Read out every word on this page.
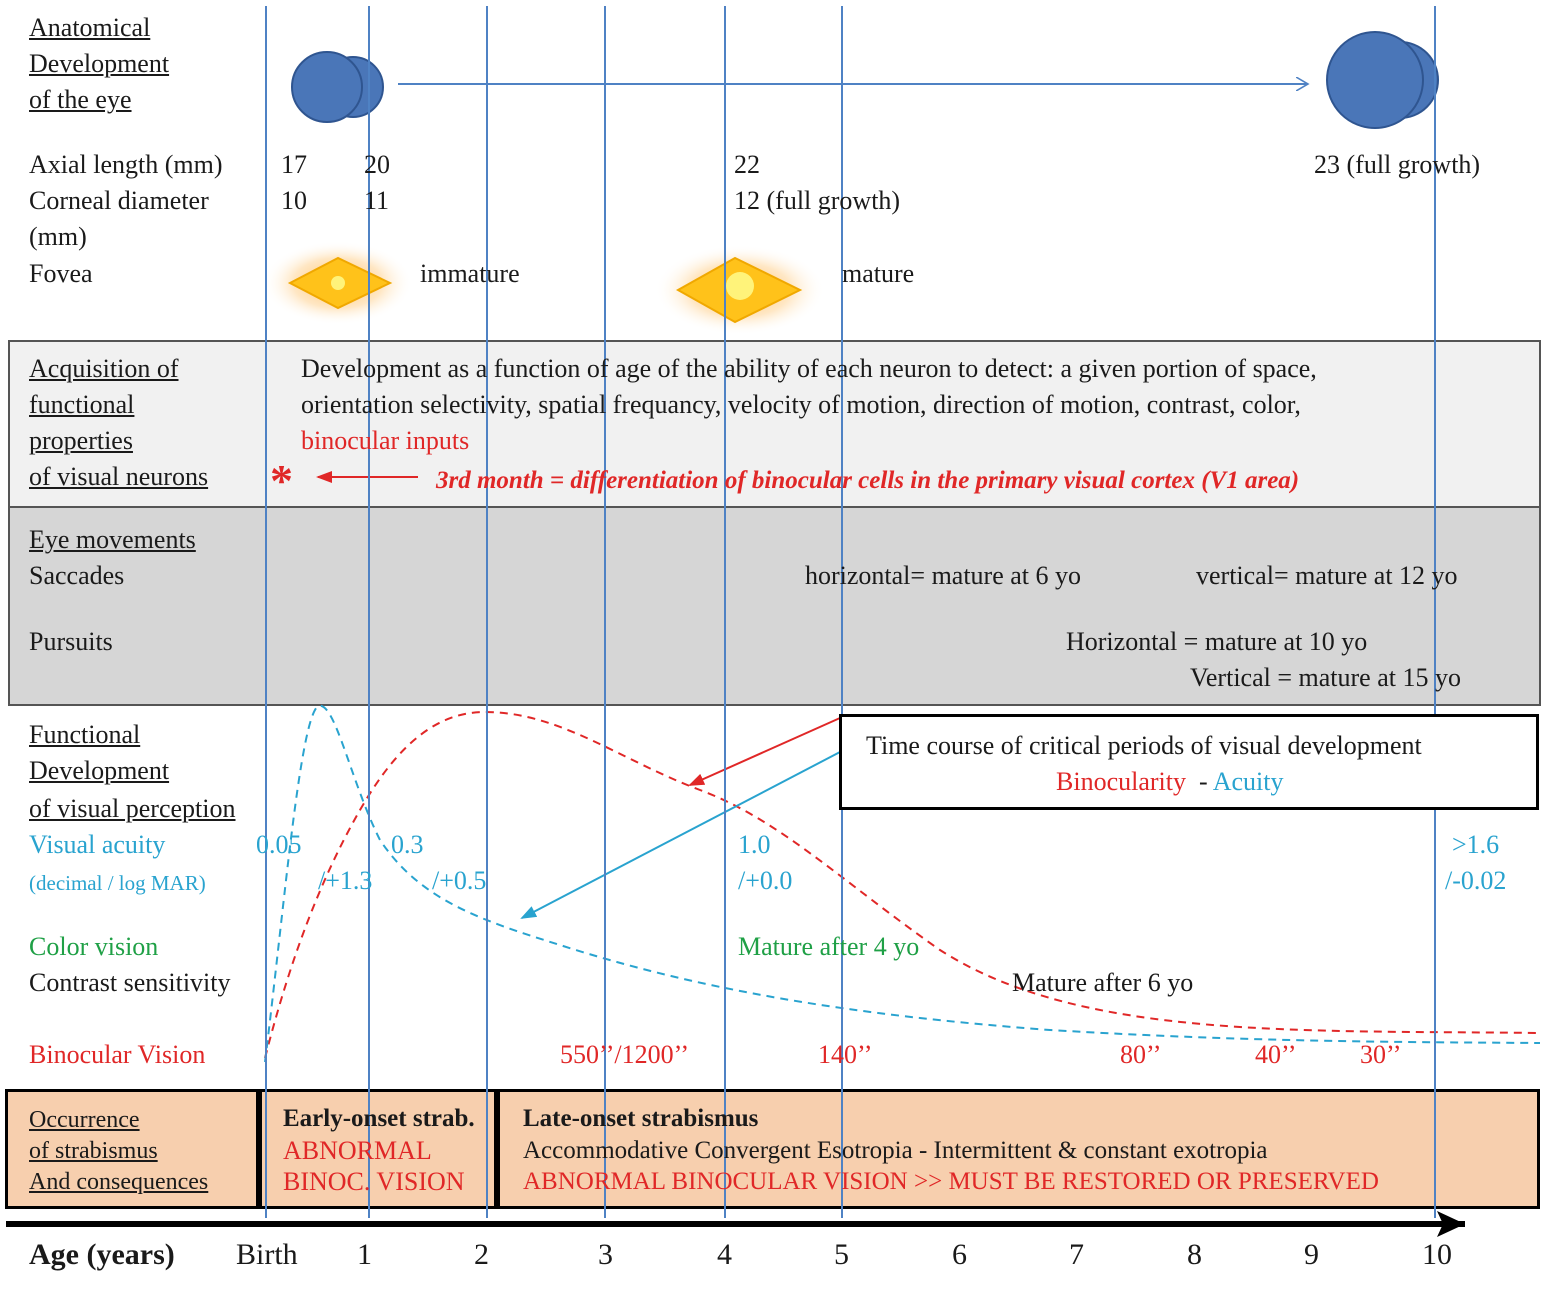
Anatomical
Development
of the eye
Axial length (mm) 17 20	22	23 (full growth)
Corneal diameter
(mm)
10 11	12 (full growth)
Fovea	immature	mature
Acquisition of
functional
properties
of visual neurons
Development as a function of age of the ability of each neuron to detect: a given portion of space,
orientation selectivity, spatial frequancy, velocity of motion, direction of motion, contrast, color,
binocular inputs
*	3rd month = differentiation of binocular cells in the primary visual cortex (V1 area)
Eye movements
Saccades	horizontal= mature at 6 yo	vertical= mature at 12 yo
Pursuits	Horizontal = mature at 10 yo
Vertical = mature at 15 yo
Functional
Development
of visual perception
Time course of critical periods of visual development
Binocularity - Acuity
Visual acuity
(decimal / log MAR)
0.05	0.3	1.0	>1.6
/+1.3 /+0.5	/+0.0	/-0.02
Color vision	Mature after 4 yo
Contrast sensitivity	Mature after 6 yo
Binocular Vision	550’’/1200’’	140’’	80’’	40’’ 30’’
Occurrence
of strabismus
And consequences
Early-onset strab.
ABNORMAL
BINOC. VISION
Late-onset strabismus
Accommodative Convergent Esotropia - Intermittent & constant exotropia
ABNORMAL BINOCULAR VISION >> MUST BE RESTORED OR PRESERVED
Age (years) Birth 1	2	3	4	5	6	7	8	9	10
